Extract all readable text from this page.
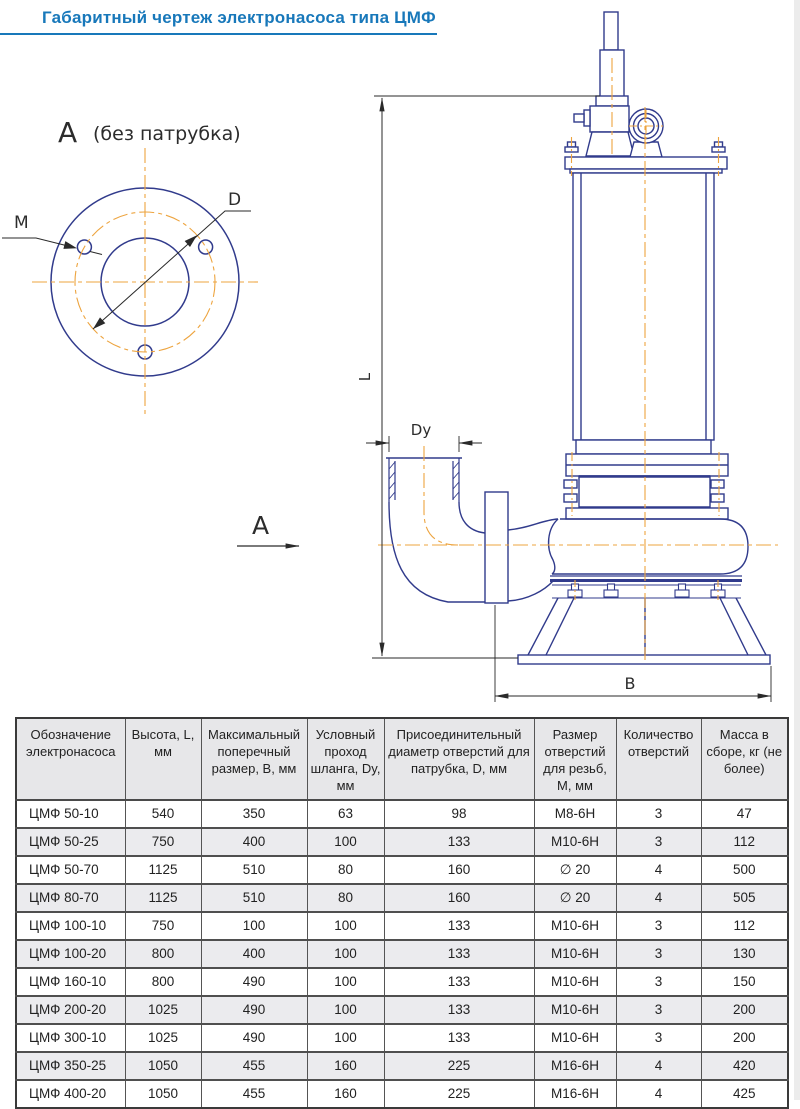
Габаритный чертеж электронасоса типа ЦМФ
D
М
А (без патрубка)
L
Dy
В
А
Обозначение электронасоса	Высота, L, мм	Максимальный поперечный размер, В, мм	Условный проход шланга, Dy, мм	Присоединительный диаметр отверстий для патрубка, D, мм	Размер отверстий для резьб, М, мм	Количество отверстий	Масса в сборе, кг (не более)
ЦМФ 50-10	540	350	63	98	М8-6Н	3	47
ЦМФ 50-25	750	400	100	133	М10-6Н	3	112
ЦМФ 50-70	1125	510	80	160	∅ 20	4	500
ЦМФ 80-70	1125	510	80	160	∅ 20	4	505
ЦМФ 100-10	750	100	100	133	М10-6Н	3	112
ЦМФ 100-20	800	400	100	133	М10-6Н	3	130
ЦМФ 160-10	800	490	100	133	М10-6Н	3	150
ЦМФ 200-20	1025	490	100	133	М10-6Н	3	200
ЦМФ 300-10	1025	490	100	133	М10-6Н	3	200
ЦМФ 350-25	1050	455	160	225	М16-6Н	4	420
ЦМФ 400-20	1050	455	160	225	М16-6Н	4	425
